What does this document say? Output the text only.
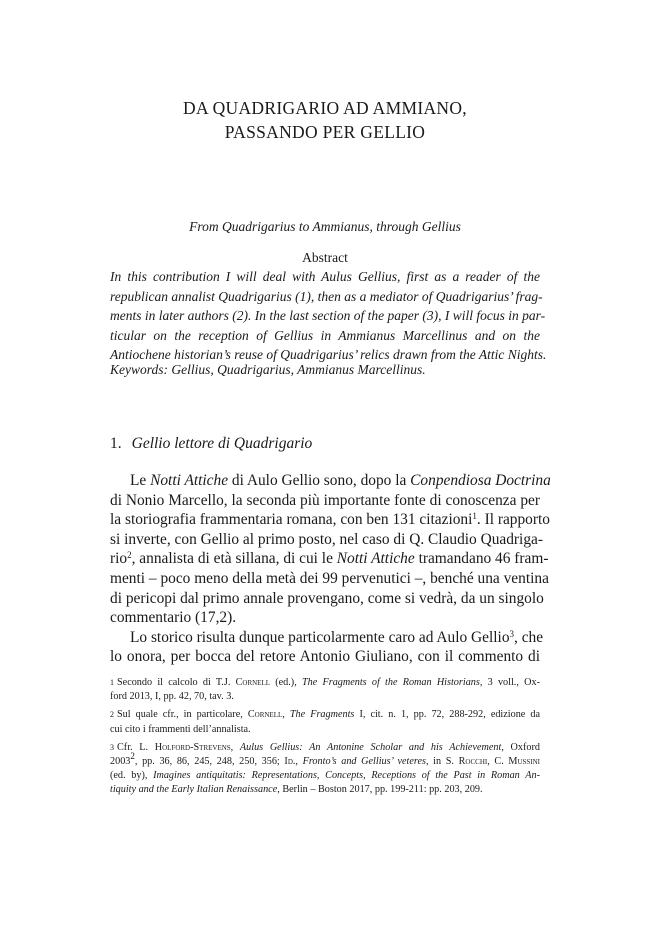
DA QUADRIGARIO AD AMMIANO,
PASSANDO PER GELLIO
From Quadrigarius to Ammianus, through Gellius
Abstract
In this contribution I will deal with Aulus Gellius, first as a reader of the
republican annalist Quadrigarius (1), then as a mediator of Quadrigarius’ frag-
ments in later authors (2). In the last section of the paper (3), I will focus in par-
ticular on the reception of Gellius in Ammianus Marcellinus and on the
Antiochene historian’s reuse of Quadrigarius’ relics drawn from the Attic Nights.
Keywords: Gellius, Quadrigarius, Ammianus Marcellinus.
1. Gellio lettore di Quadrigario
Le Notti Attiche di Aulo Gellio sono, dopo la Conpendiosa Doctrina
di Nonio Marcello, la seconda più importante fonte di conoscenza per
la storiografia frammentaria romana, con ben 131 citazioni$^1$. Il rapporto
si inverte, con Gellio al primo posto, nel caso di Q. Claudio Quadriga-
rio$^2$, annalista di età sillana, di cui le Notti Attiche tramandano 46 fram-
menti – poco meno della metà dei 99 pervenutici –, benché una ventina
di pericopi dal primo annale provengano, come si vedrà, da un singolo
commentario (17,2).
Lo storico risulta dunque particolarmente caro ad Aulo Gellio$^3$, che
lo onora, per bocca del retore Antonio Giuliano, con il commento di
1 Secondo il calcolo di T.J. Cornell (ed.), The Fragments of the Roman Historians, 3 voll., Ox-
ford 2013, I, pp. 42, 70, tav. 3.
2 Sul quale cfr., in particolare, Cornell, The Fragments I, cit. n. 1, pp. 72, 288-292, edizione da
cui cito i frammenti dell’annalista.
3 Cfr. L. Holford-Strevens, Aulus Gellius: An Antonine Scholar and his Achievement, Oxford
2003$^2$, pp. 36, 86, 245, 248, 250, 356; Id., Fronto’s and Gellius’ veteres, in S. Rocchi, C. Mussini
(ed. by), Imagines antiquitatis: Representations, Concepts, Receptions of the Past in Roman An-
tiquity and the Early Italian Renaissance, Berlin – Boston 2017, pp. 199-211: pp. 203, 209.
